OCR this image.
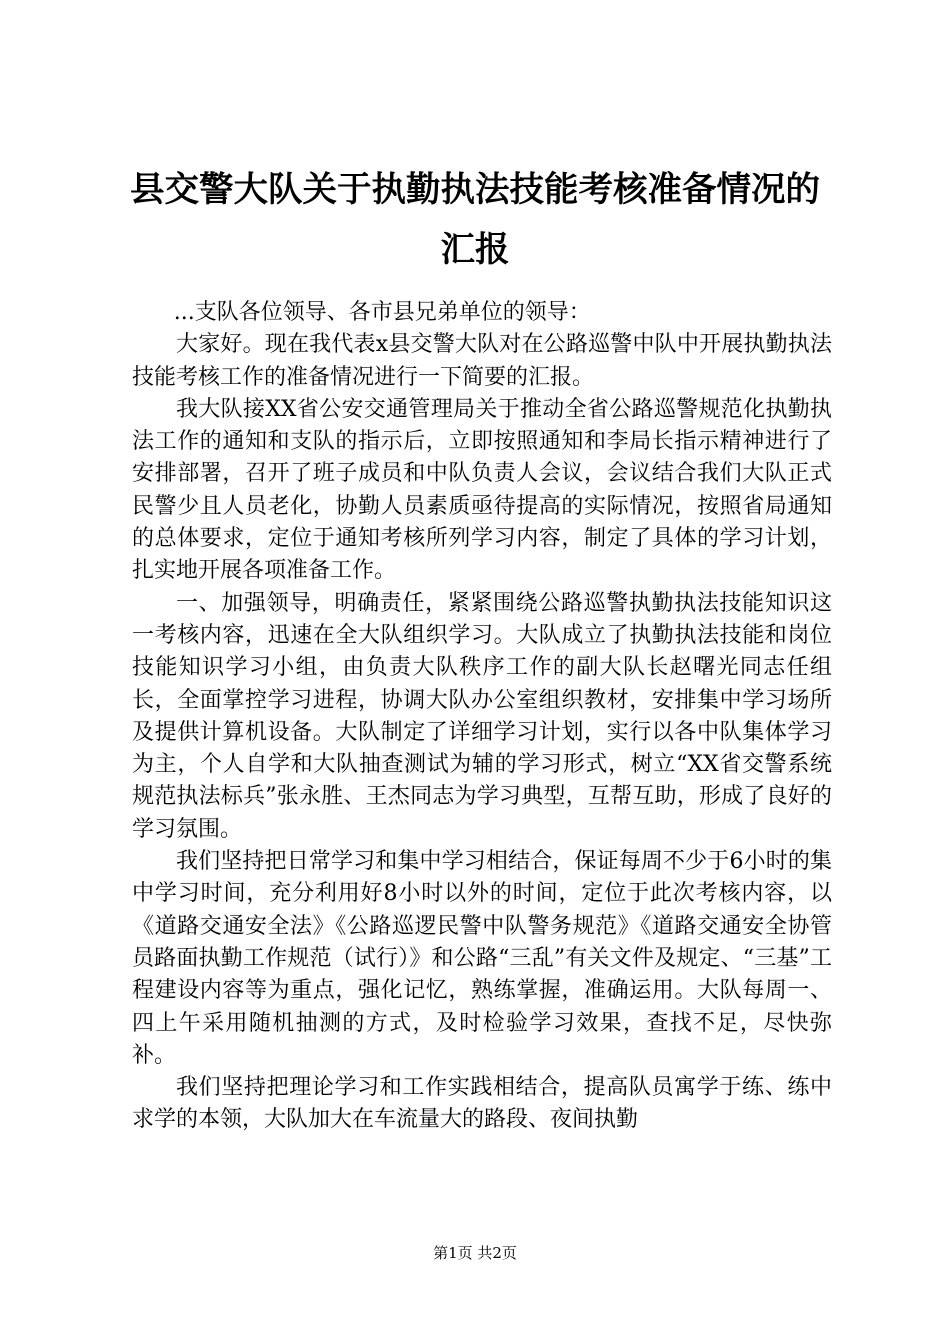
县交警大队关于执勤执法技能考核准备情况的汇报

...支队各位领导、各市县兄弟单位的领导：

大家好。现在我代表x县交警大队对在公路巡警中队中开展执勤执法技能考核工作的准备情况进行一下简要的汇报。

我大队接XX省公安交通管理局关于推动全省公路巡警规范化执勤执法工作的通知和支队的指示后，立即按照通知和李局长指示精神进行了安排部署，召开了班子成员和中队负责人会议，会议结合我们大队正式民警少且人员老化，协勤人员素质亟待提高的实际情况，按照省局通知的总体要求，定位于通知考核所列学习内容，制定了具体的学习计划，扎实地开展各项准备工作。

一、加强领导，明确责任，紧紧围绕公路巡警执勤执法技能知识这一考核内容，迅速在全大队组织学习。大队成立了执勤执法技能和岗位技能知识学习小组，由负责大队秩序工作的副大队长赵曙光同志任组长，全面掌控学习进程，协调大队办公室组织教材，安排集中学习场所及提供计算机设备。大队制定了详细学习计划，实行以各中队集体学习为主，个人自学和大队抽查测试为辅的学习形式，树立“XX省交警系统规范执法标兵”张永胜、王杰同志为学习典型，互帮互助，形成了良好的学习氛围。

我们坚持把日常学习和集中学习相结合，保证每周不少于6小时的集中学习时间，充分利用好8小时以外的时间，定位于此次考核内容，以《道路交通安全法》《公路巡逻民警中队警务规范》《道路交通安全协管员路面执勤工作规范（试行）》和公路“三乱”有关文件及规定、“三基”工程建设内容等为重点，强化记忆，熟练掌握，准确运用。大队每周一、四上午采用随机抽测的方式，及时检验学习效果，查找不足，尽快弥补。

我们坚持把理论学习和工作实践相结合，提高队员寓学于练、练中求学的本领，大队加大在车流量大的路段、夜间执勤

第1页 共2页
